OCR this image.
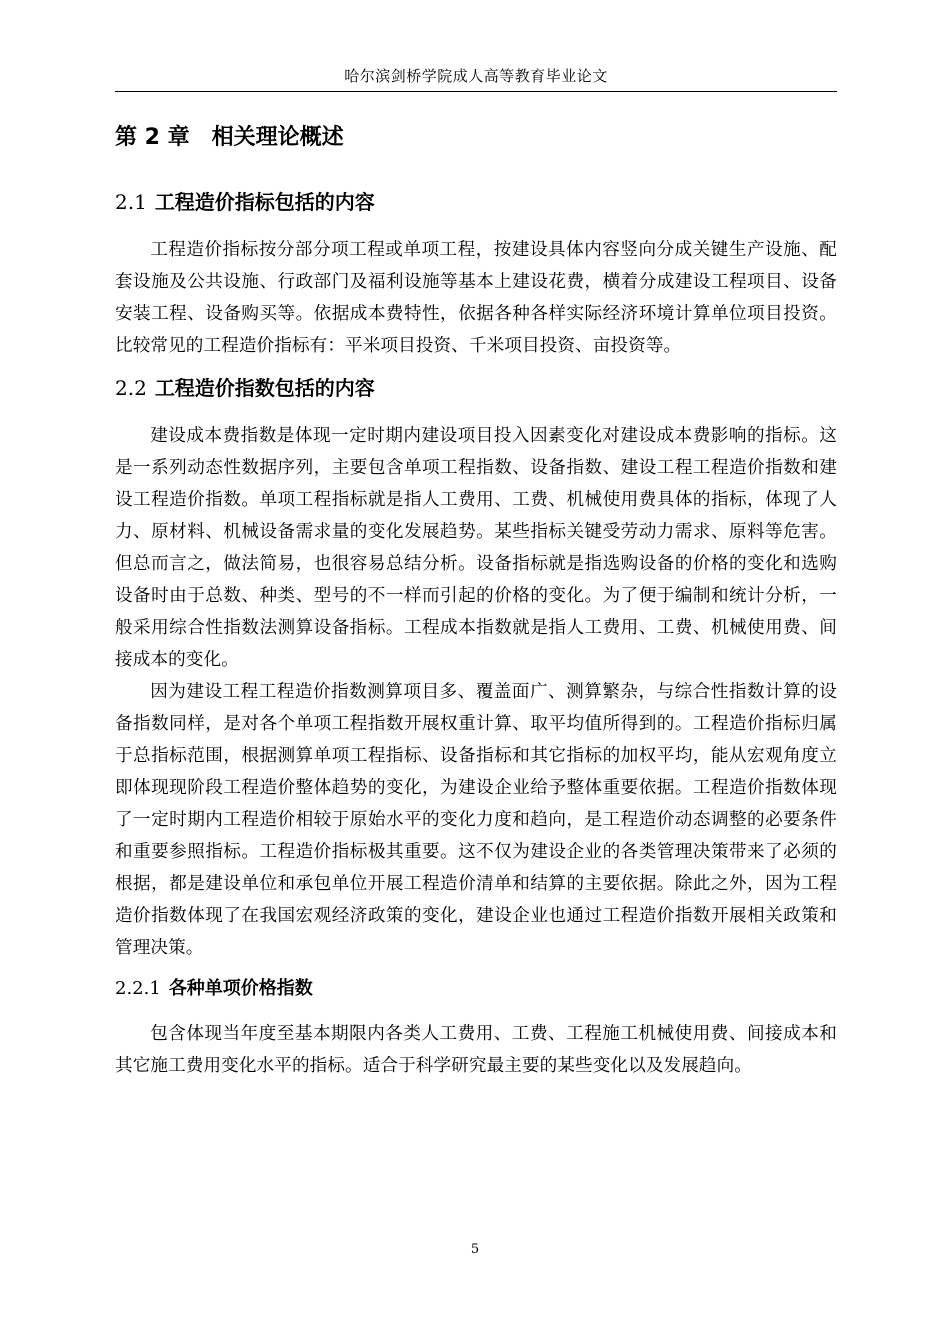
哈尔滨剑桥学院成人高等教育毕业论文
第 2 章　相关理论概述
2.1 工程造价指标包括的内容

工程造价指标按分部分项工程或单项工程，按建设具体内容竖向分成关键生产设施、配套设施及公共设施、行政部门及福利设施等基本上建设花费，横着分成建设工程项目、设备安装工程、设备购买等。依据成本费特性，依据各种各样实际经济环境计算单位项目投资。比较常见的工程造价指标有：平米项目投资、千米项目投资、亩投资等。

2.2 工程造价指数包括的内容

建设成本费指数是体现一定时期内建设项目投入因素变化对建设成本费影响的指标。这是一系列动态性数据序列，主要包含单项工程指数、设备指数、建设工程工程造价指数和建设工程造价指数。单项工程指标就是指人工费用、工费、机械使用费具体的指标，体现了人力、原材料、机械设备需求量的变化发展趋势。某些指标关键受劳动力需求、原料等危害。但总而言之，做法简易，也很容易总结分析。设备指标就是指选购设备的价格的变化和选购设备时由于总数、种类、型号的不一样而引起的价格的变化。为了便于编制和统计分析，一般采用综合性指数法测算设备指标。工程成本指数就是指人工费用、工费、机械使用费、间接成本的变化。

因为建设工程工程造价指数测算项目多、覆盖面广、测算繁杂，与综合性指数计算的设备指数同样，是对各个单项工程指数开展权重计算、取平均值所得到的。工程造价指标归属于总指标范围，根据测算单项工程指标、设备指标和其它指标的加权平均，能从宏观角度立即体现现阶段工程造价整体趋势的变化，为建设企业给予整体重要依据。工程造价指数体现了一定时期内工程造价相较于原始水平的变化力度和趋向，是工程造价动态调整的必要条件和重要参照指标。工程造价指标极其重要。这不仅为建设企业的各类管理决策带来了必须的根据，都是建设单位和承包单位开展工程造价清单和结算的主要依据。除此之外，因为工程造价指数体现了在我国宏观经济政策的变化，建设企业也通过工程造价指数开展相关政策和管理决策。

2.2.1 各种单项价格指数

包含体现当年度至基本期限内各类人工费用、工费、工程施工机械使用费、间接成本和其它施工费用变化水平的指标。适合于科学研究最主要的某些变化以及发展趋向。

5
